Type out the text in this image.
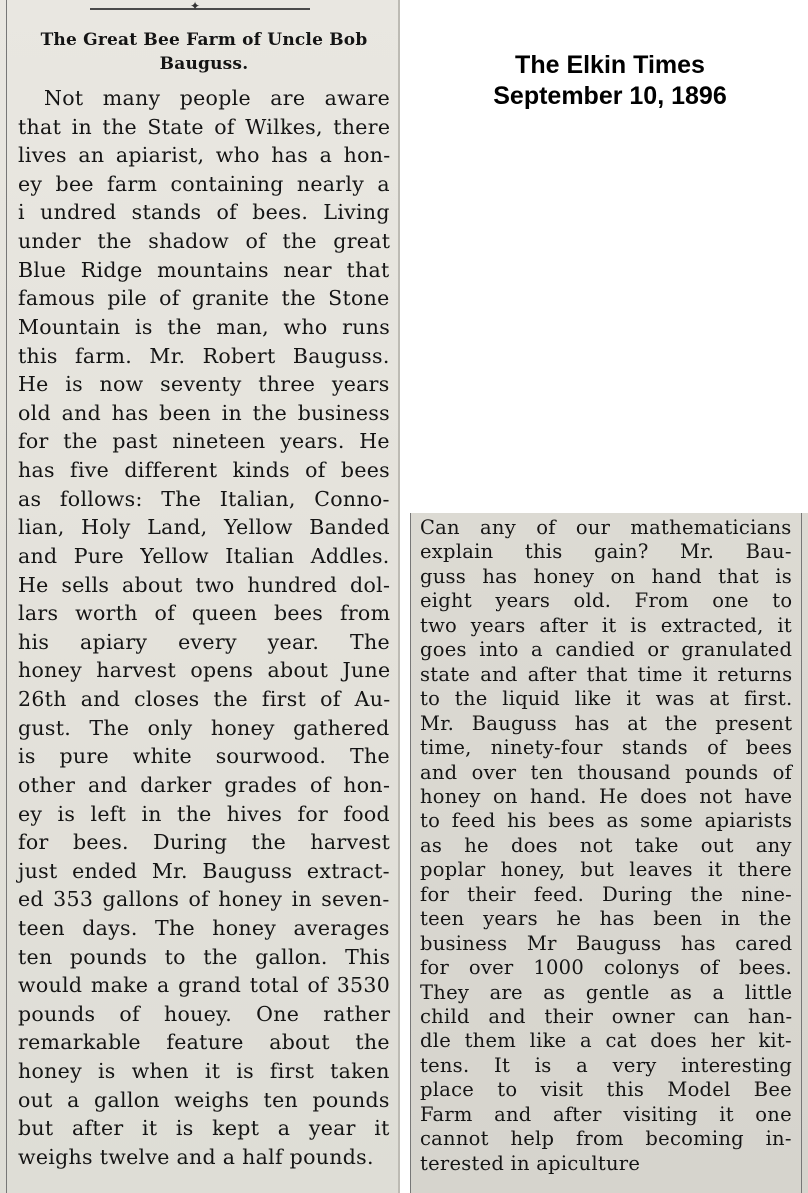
✦
The Great Bee Farm of Uncle Bob
Bauguss.
Not many people are aware
that in the State of Wilkes, there
lives an apiarist, who has a hon-
ey bee farm containing nearly a
i undred stands of bees. Living
under the shadow of the great
Blue Ridge mountains near that
famous pile of granite the Stone
Mountain is the man, who runs
this farm. Mr. Robert Bauguss.
He is now seventy three years
old and has been in the business
for the past nineteen years. He
has five different kinds of bees
as follows: The Italian, Conno-
lian, Holy Land, Yellow Banded
and Pure Yellow Italian Addles.
He sells about two hundred dol-
lars worth of queen bees from
his apiary every year. The
honey harvest opens about June
26th and closes the first of Au-
gust. The only honey gathered
is pure white sourwood. The
other and darker grades of hon-
ey is left in the hives for food
for bees. During the harvest
just ended Mr. Bauguss extract-
ed 353 gallons of honey in seven-
teen days. The honey averages
ten pounds to the gallon. This
would make a grand total of 3530
pounds of houey. One rather
remarkable feature about the
honey is when it is first taken
out a gallon weighs ten pounds
but after it is kept a year it
weighs twelve and a half pounds.
Can any of our mathematicians
explain this gain? Mr. Bau-
guss has honey on hand that is
eight years old. From one to
two years after it is extracted, it
goes into a candied or granulated
state and after that time it returns
to the liquid like it was at first.
Mr. Bauguss has at the present
time, ninety-four stands of bees
and over ten thousand pounds of
honey on hand. He does not have
to feed his bees as some apiarists
as he does not take out any
poplar honey, but leaves it there
for their feed. During the nine-
teen years he has been in the
business Mr Bauguss has cared
for over 1000 colonys of bees.
They are as gentle as a little
child and their owner can han-
dle them like a cat does her kit-
tens. It is a very interesting
place to visit this Model Bee
Farm and after visiting it one
cannot help from becoming in-
terested in apiculture
The Elkin Times
September 10, 1896
